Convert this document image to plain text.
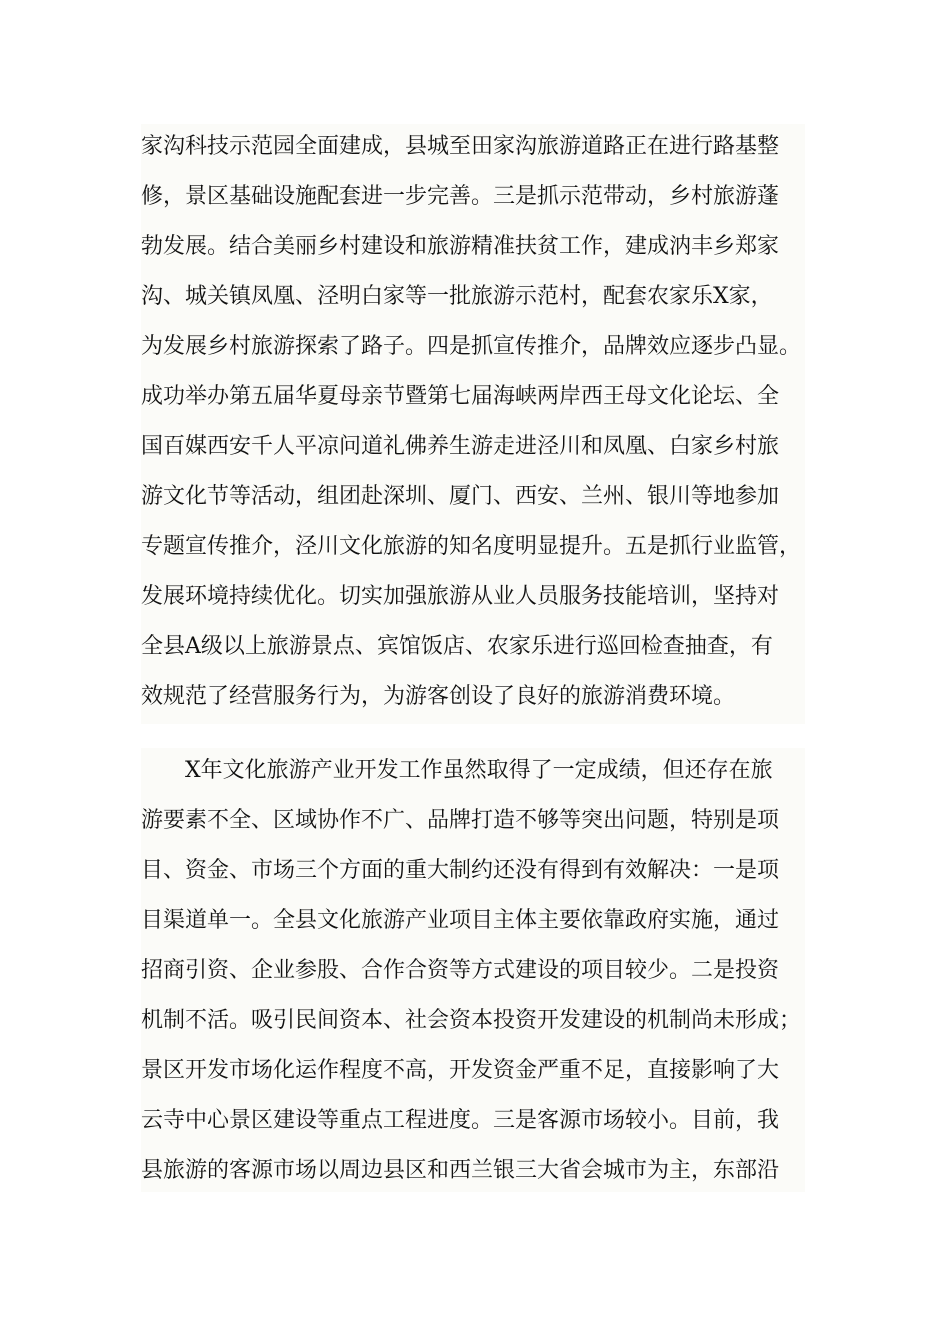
家沟科技示范园全面建成，县城至田家沟旅游道路正在进行路基整
修，景区基础设施配套进一步完善。三是抓示范带动，乡村旅游蓬
勃发展。结合美丽乡村建设和旅游精准扶贫工作，建成汭丰乡郑家
沟、城关镇凤凰、泾明白家等一批旅游示范村，配套农家乐X家，
为发展乡村旅游探索了路子。四是抓宣传推介，品牌效应逐步凸显。
成功举办第五届华夏母亲节暨第七届海峡两岸西王母文化论坛、全
国百媒西安千人平凉问道礼佛养生游走进泾川和凤凰、白家乡村旅
游文化节等活动，组团赴深圳、厦门、西安、兰州、银川等地参加
专题宣传推介，泾川文化旅游的知名度明显提升。五是抓行业监管，
发展环境持续优化。切实加强旅游从业人员服务技能培训，坚持对
全县A级以上旅游景点、宾馆饭店、农家乐进行巡回检查抽查，有
效规范了经营服务行为，为游客创设了良好的旅游消费环境。
X年文化旅游产业开发工作虽然取得了一定成绩，但还存在旅
游要素不全、区域协作不广、品牌打造不够等突出问题，特别是项
目、资金、市场三个方面的重大制约还没有得到有效解决：一是项
目渠道单一。全县文化旅游产业项目主体主要依靠政府实施，通过
招商引资、企业参股、合作合资等方式建设的项目较少。二是投资
机制不活。吸引民间资本、社会资本投资开发建设的机制尚未形成；
景区开发市场化运作程度不高，开发资金严重不足，直接影响了大
云寺中心景区建设等重点工程进度。三是客源市场较小。目前，我
县旅游的客源市场以周边县区和西兰银三大省会城市为主，东部沿
